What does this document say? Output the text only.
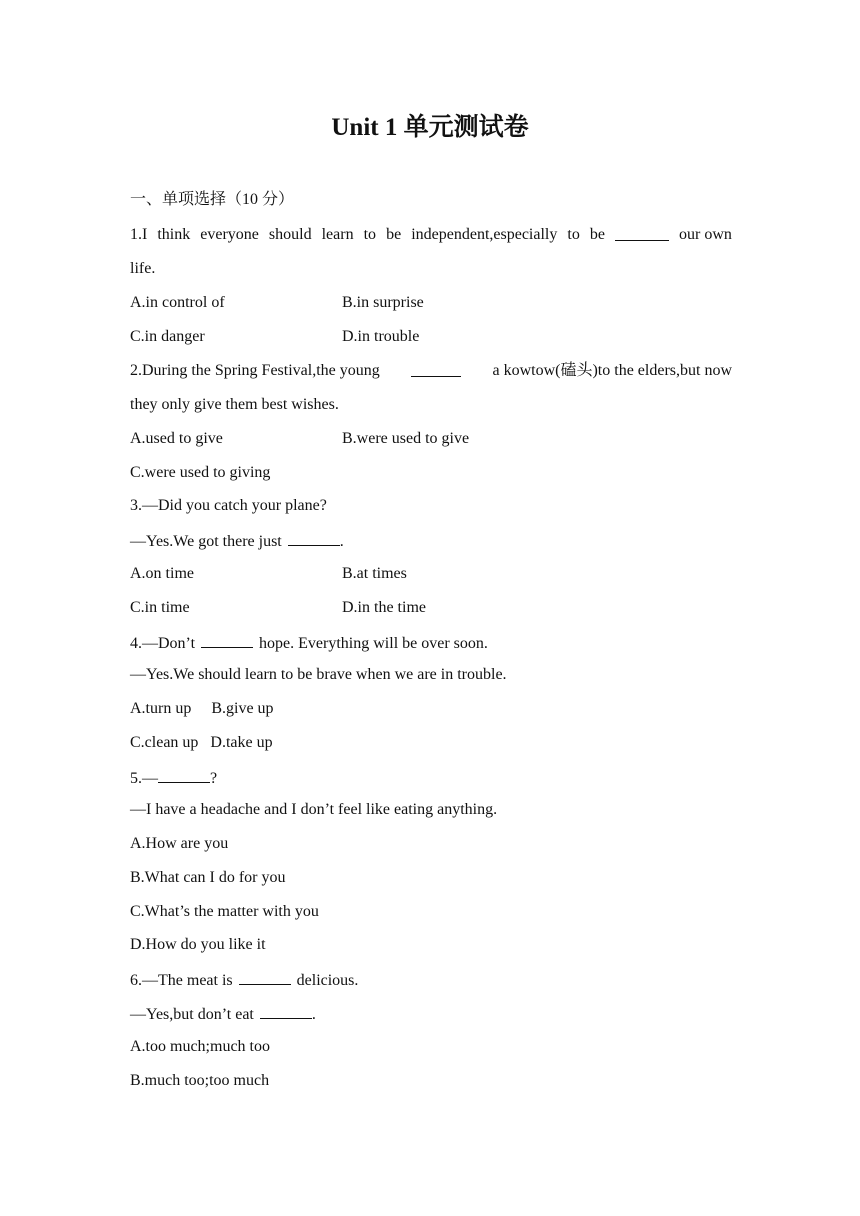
Unit 1 单元测试卷
一、单项选择（10 分）
1.I think everyone should learn to be independent,especially to be	our own
life.
A.in control of	B.in surprise
C.in danger	D.in trouble
2.During the Spring Festival,the young	a kowtow(磕头)to the elders,but now
they only give them best wishes.
A.used to give	B.were used to give
C.were used to giving
3.—Did you catch your plane?
—Yes.We got there just	.
A.on time	B.at times
C.in time	D.in the time
4.—Don’t	hope. Everything will be over soon.
—Yes.We should learn to be brave when we are in trouble.
A.turn up     B.give up
C.clean up   D.take up
5.—	?
—I have a headache and I don’t feel like eating anything.
A.How are you
B.What can I do for you
C.What’s the matter with you
D.How do you like it
6.—The meat is	delicious.
—Yes,but don’t eat	.
A.too much;much too
B.much too;too much
